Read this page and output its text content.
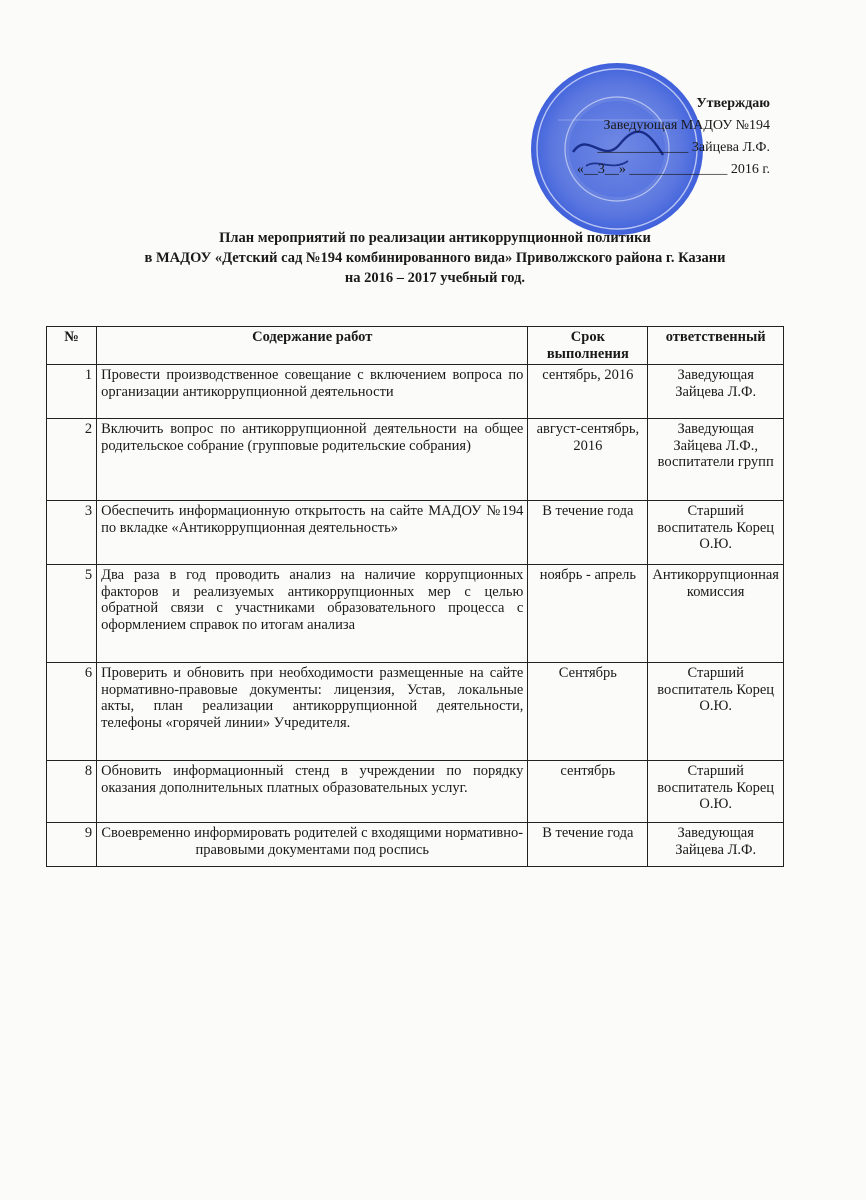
Утверждаю
Заведующая МАДОУ №194
_____________ Зайцева Л.Ф.
«__3__» ______________ 2016 г.
План мероприятий по реализации антикоррупционной политики
в МАДОУ «Детский сад №194 комбинированного вида» Приволжского района г. Казани
на 2016 – 2017 учебный год.
№	Содержание работ	Срок выполнения	ответственный
1	Провести производственное совещание с включением вопроса по организации антикоррупционной деятельности	сентябрь, 2016	Заведующая Зайцева Л.Ф.
2	Включить вопрос по антикоррупционной деятельности на общее родительское собрание (групповые родительские собрания)	август-сентябрь, 2016	Заведующая Зайцева Л.Ф., воспитатели групп
3	Обеспечить информационную открытость на сайте МАДОУ №194 по вкладке «Антикоррупционная деятельность»	В течение года	Старший воспитатель Корец О.Ю.
5	Два раза в год проводить анализ на наличие коррупционных факторов и реализуемых антикоррупционных мер с целью обратной связи с участниками образовательного процесса с оформлением справок по итогам анализа	ноябрь - апрель	Антикоррупционная комиссия
6	Проверить и обновить при необходимости размещенные на сайте нормативно-правовые документы: лицензия, Устав, локальные акты, план реализации антикоррупционной деятельности, телефоны «горячей линии» Учредителя.	Сентябрь	Старший воспитатель Корец О.Ю.
8	Обновить информационный стенд в учреждении по порядку оказания дополнительных платных образовательных услуг.	сентябрь	Старший воспитатель Корец О.Ю.
9	Своевременно информировать родителей с входящими нормативно-правовыми документами под роспись	В течение года	Заведующая Зайцева Л.Ф.
